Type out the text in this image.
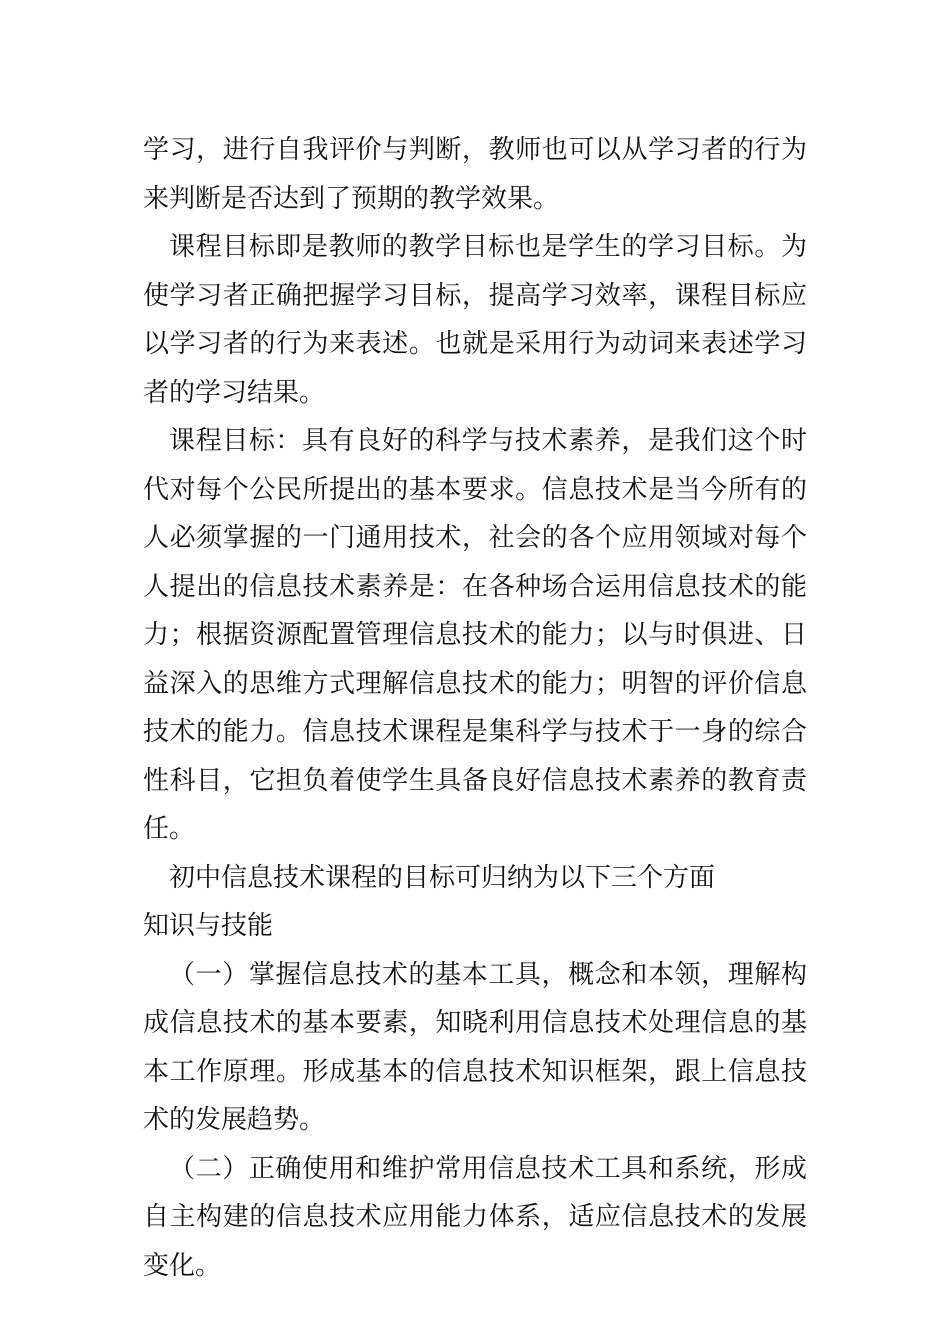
学习，进行自我评价与判断，教师也可以从学习者的行为来判断是否达到了预期的教学效果。

课程目标即是教师的教学目标也是学生的学习目标。为使学习者正确把握学习目标，提高学习效率，课程目标应以学习者的行为来表述。也就是采用行为动词来表述学习者的学习结果。

课程目标：具有良好的科学与技术素养，是我们这个时代对每个公民所提出的基本要求。信息技术是当今所有的人必须掌握的一门通用技术，社会的各个应用领域对每个人提出的信息技术素养是：在各种场合运用信息技术的能力；根据资源配置管理信息技术的能力；以与时俱进、日益深入的思维方式理解信息技术的能力；明智的评价信息技术的能力。信息技术课程是集科学与技术于一身的综合性科目，它担负着使学生具备良好信息技术素养的教育责任。

初中信息技术课程的目标可归纳为以下三个方面

知识与技能

（一）掌握信息技术的基本工具，概念和本领，理解构成信息技术的基本要素，知晓利用信息技术处理信息的基本工作原理。形成基本的信息技术知识框架，跟上信息技术的发展趋势。

（二）正确使用和维护常用信息技术工具和系统，形成自主构建的信息技术应用能力体系，适应信息技术的发展变化。
